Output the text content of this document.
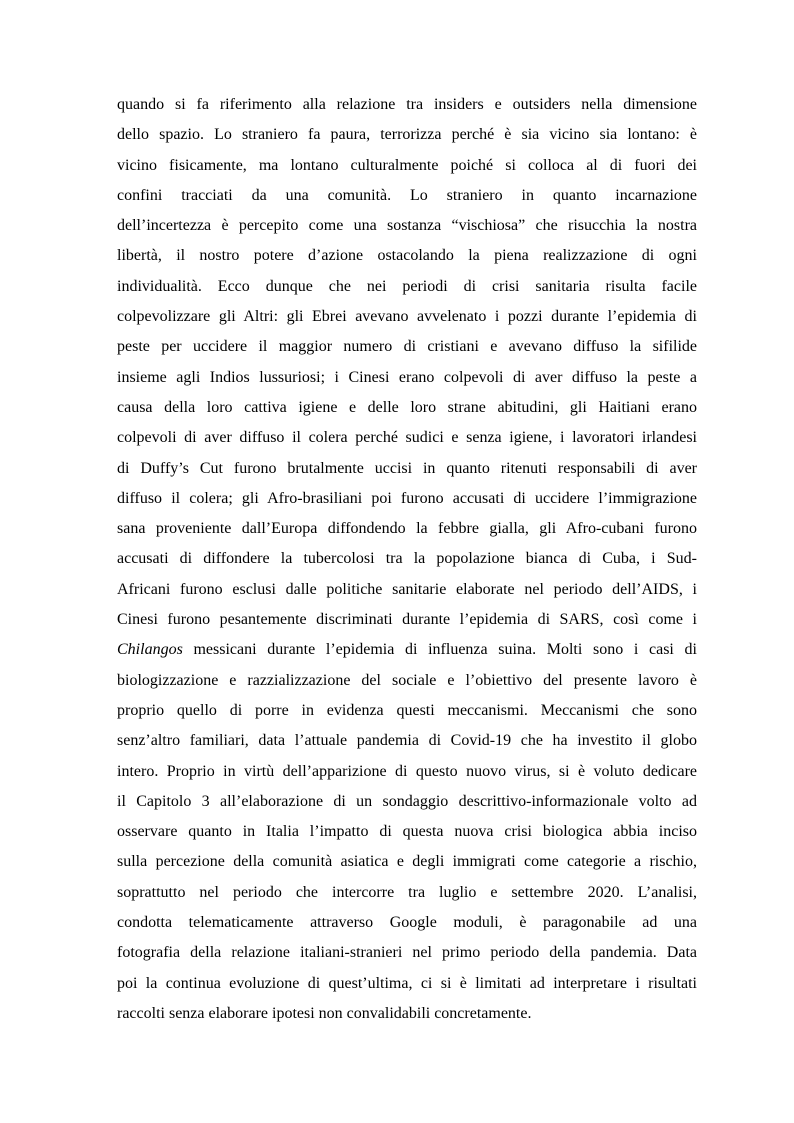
quando si fa riferimento alla relazione tra insiders e outsiders nella dimensione
dello spazio. Lo straniero fa paura, terrorizza perché è sia vicino sia lontano: è
vicino fisicamente, ma lontano culturalmente poiché si colloca al di fuori dei
confini tracciati da una comunità. Lo straniero in quanto incarnazione
dell’incertezza è percepito come una sostanza “vischiosa” che risucchia la nostra
libertà, il nostro potere d’azione ostacolando la piena realizzazione di ogni
individualità. Ecco dunque che nei periodi di crisi sanitaria risulta facile
colpevolizzare gli Altri: gli Ebrei avevano avvelenato i pozzi durante l’epidemia di
peste per uccidere il maggior numero di cristiani e avevano diffuso la sifilide
insieme agli Indios lussuriosi; i Cinesi erano colpevoli di aver diffuso la peste a
causa della loro cattiva igiene e delle loro strane abitudini, gli Haitiani erano
colpevoli di aver diffuso il colera perché sudici e senza igiene, i lavoratori irlandesi
di Duffy’s Cut furono brutalmente uccisi in quanto ritenuti responsabili di aver
diffuso il colera; gli Afro-brasiliani poi furono accusati di uccidere l’immigrazione
sana proveniente dall’Europa diffondendo la febbre gialla, gli Afro-cubani furono
accusati di diffondere la tubercolosi tra la popolazione bianca di Cuba, i Sud-
Africani furono esclusi dalle politiche sanitarie elaborate nel periodo dell’AIDS, i
Cinesi furono pesantemente discriminati durante l’epidemia di SARS, così come i
Chilangos messicani durante l’epidemia di influenza suina. Molti sono i casi di
biologizzazione e razzializzazione del sociale e l’obiettivo del presente lavoro è
proprio quello di porre in evidenza questi meccanismi. Meccanismi che sono
senz’altro familiari, data l’attuale pandemia di Covid-19 che ha investito il globo
intero. Proprio in virtù dell’apparizione di questo nuovo virus, si è voluto dedicare
il Capitolo 3 all’elaborazione di un sondaggio descrittivo-informazionale volto ad
osservare quanto in Italia l’impatto di questa nuova crisi biologica abbia inciso
sulla percezione della comunità asiatica e degli immigrati come categorie a rischio,
soprattutto nel periodo che intercorre tra luglio e settembre 2020. L’analisi,
condotta telematicamente attraverso Google moduli, è paragonabile ad una
fotografia della relazione italiani-stranieri nel primo periodo della pandemia. Data
poi la continua evoluzione di quest’ultima, ci si è limitati ad interpretare i risultati
raccolti senza elaborare ipotesi non convalidabili concretamente.
